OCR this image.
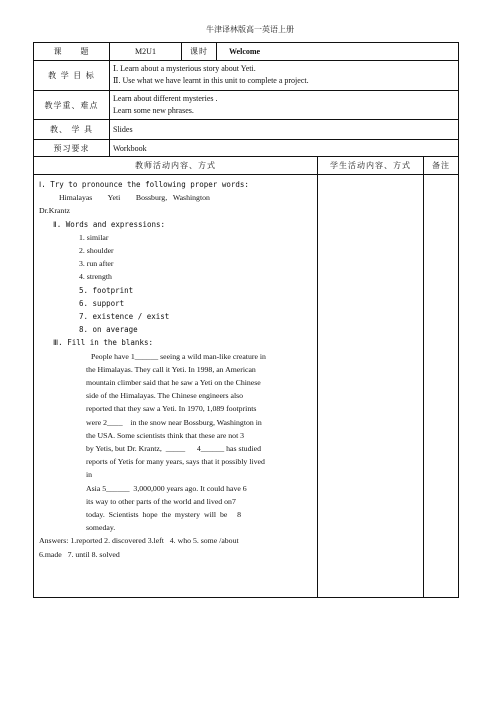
牛津译林版高一英语上册
课　　题	M2U1	课时	Welcome
教 学 目 标
Ⅰ. Learn about a mysterious story about Yeti.
Ⅱ. Use what we have learnt in this unit to complete a project.
教学重、难点
Learn about different mysteries .
Learn some new phrases.
教、 学 具	Slides
预习要求	Workbook
教师活动内容、方式	学生活动内容、方式	备注
Ⅰ. Try to pronounce the following proper words:
Himalayas        Yeti        Bossburg,   Washington
Dr.Krantz
Ⅱ. Words and expressions:
1. similar
2. shoulder
3. run after
4. strength
5. footprint
6. support
7. existence / exist
8. on average
Ⅲ. Fill in the blanks:
People have 1______ seeing a wild man-like creature in
the Himalayas. They call it Yeti. In 1998, an American
mountain climber said that he saw a Yeti on the Chinese
side of the Himalayas. The Chinese engineers also
reported that they saw a Yeti. In 1970, 1,089 footprints
were 2____    in the snow near Bossburg, Washington in
the USA. Some scientists think that these are not 3
by Yetis, but Dr. Krantz,  _____      4______ has studied
reports of Yetis for many years, says that it possibly lived
in
Asia 5______  3,000,000 years ago. It could have 6
its way to other parts of the world and lived on7
today.  Scientists  hope  the  mystery  will  be     8
someday.
Answers: 1.reported 2. discovered 3.left   4. who 5. some /about
6.made   7. until 8. solved
